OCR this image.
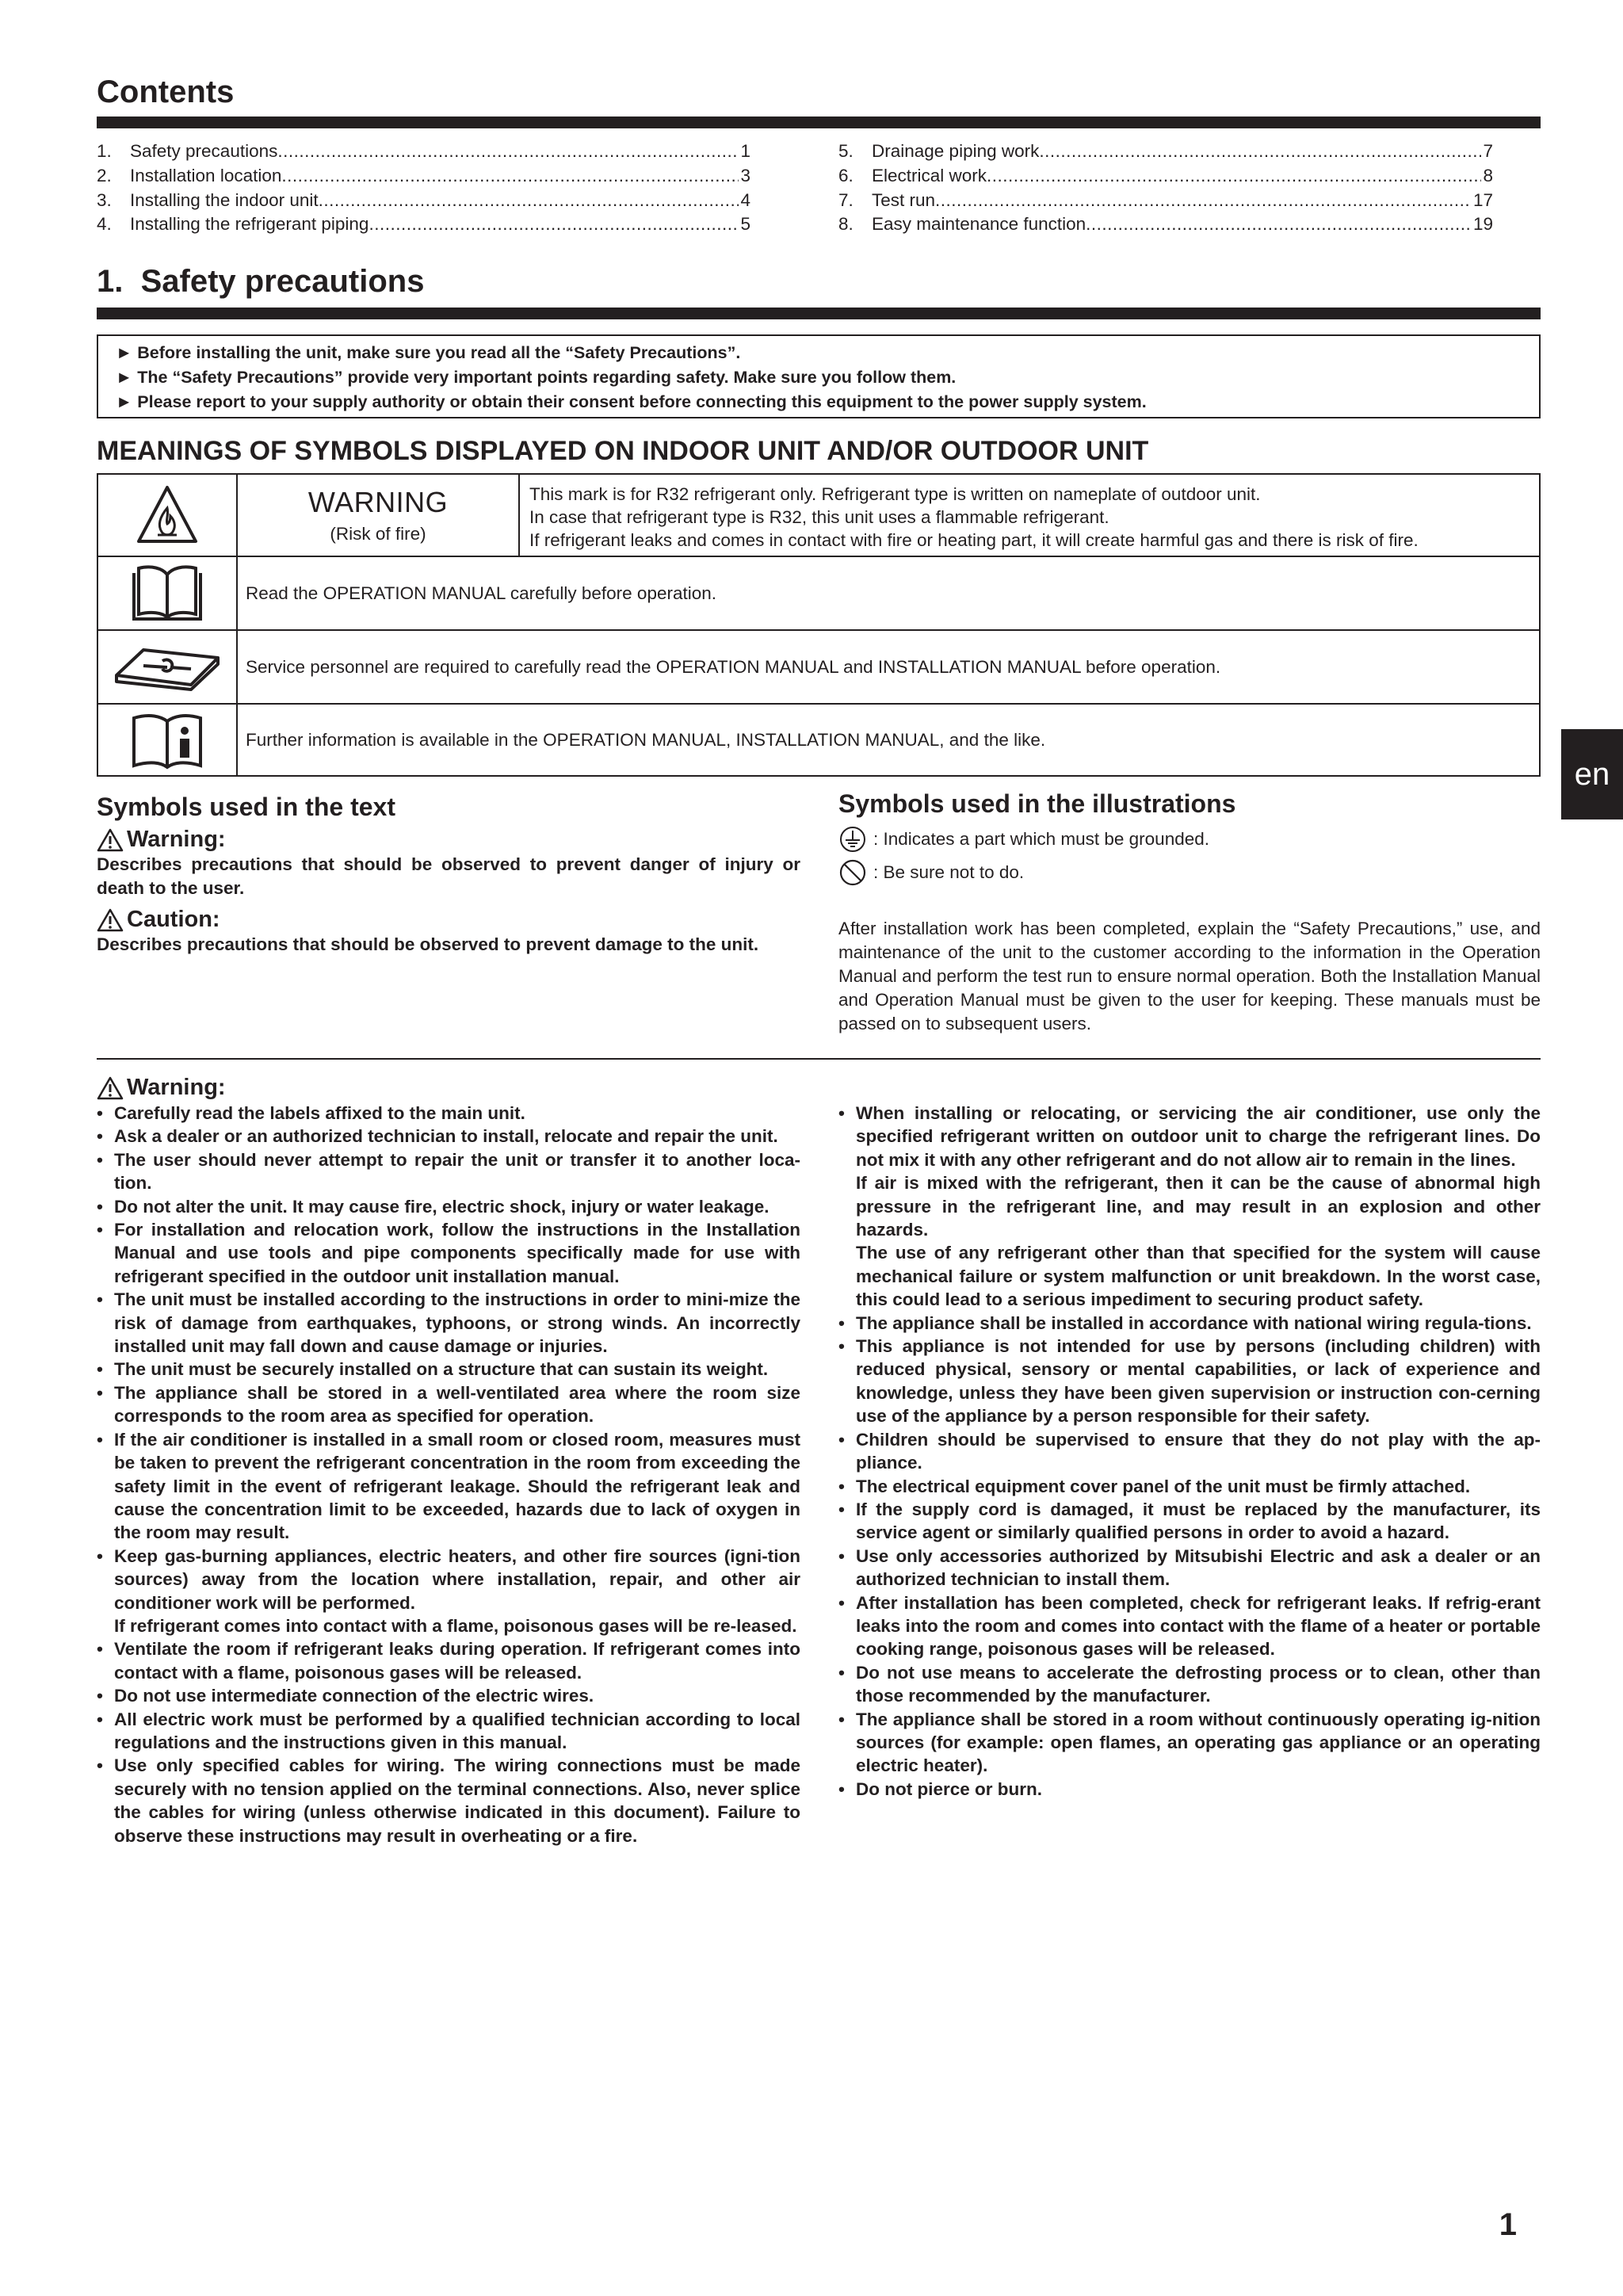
Contents
1.	Safety precautions .....	1
2.	Installation location .....	3
3.	Installing the indoor unit .....	4
4.	Installing the refrigerant piping .....	5
5.	Drainage piping work .....	7
6.	Electrical work .....	8
7.	Test run .....	17
8.	Easy maintenance function .....	19
1.  Safety precautions
► Before installing the unit, make sure you read all the “Safety Precautions”.
► The “Safety Precautions” provide very important points regarding safety. Make sure you follow them.
► Please report to your supply authority or obtain their consent before connecting this equipment to the power supply system.
MEANINGS OF SYMBOLS DISPLAYED ON INDOOR UNIT AND/OR OUTDOOR UNIT
WARNING
(Risk of fire)
This mark is for R32 refrigerant only. Refrigerant type is written on nameplate of outdoor unit.
In case that refrigerant type is R32, this unit uses a flammable refrigerant.
If refrigerant leaks and comes in contact with fire or heating part, it will create harmful gas and there is risk of fire.
Read the OPERATION MANUAL carefully before operation.
Service personnel are required to carefully read the OPERATION MANUAL and INSTALLATION MANUAL before operation.
Further information is available in the OPERATION MANUAL, INSTALLATION MANUAL, and the like.
en
Symbols used in the text
Warning:
Describes precautions that should be observed to prevent danger of injury or death to the user.
Caution:
Describes precautions that should be observed to prevent damage to the unit.
Symbols used in the illustrations
: Indicates a part which must be grounded.
: Be sure not to do.
After installation work has been completed, explain the “Safety Precautions,” use, and maintenance of the unit to the customer according to the information in the Operation Manual and perform the test run to ensure normal operation. Both the Installation Manual and Operation Manual must be given to the user for keeping. These manuals must be passed on to subsequent users.
Warning:
• Carefully read the labels affixed to the main unit.
• Ask a dealer or an authorized technician to install, relocate and repair the unit.
• The user should never attempt to repair the unit or transfer it to another loca-tion.
• Do not alter the unit. It may cause fire, electric shock, injury or water leakage.
• For installation and relocation work, follow the instructions in the Installation Manual and use tools and pipe components specifically made for use with refrigerant specified in the outdoor unit installation manual.
• The unit must be installed according to the instructions in order to mini-mize the risk of damage from earthquakes, typhoons, or strong winds. An incorrectly installed unit may fall down and cause damage or injuries.
• The unit must be securely installed on a structure that can sustain its weight.
• The appliance shall be stored in a well-ventilated area where the room size corresponds to the room area as specified for operation.
• If the air conditioner is installed in a small room or closed room, measures must be taken to prevent the refrigerant concentration in the room from exceeding the safety limit in the event of refrigerant leakage. Should the refrigerant leak and cause the concentration limit to be exceeded, hazards due to lack of oxygen in the room may result.
• Keep gas-burning appliances, electric heaters, and other fire sources (igni-tion sources) away from the location where installation, repair, and other air conditioner work will be performed.
If refrigerant comes into contact with a flame, poisonous gases will be re-leased.
• Ventilate the room if refrigerant leaks during operation. If refrigerant comes into contact with a flame, poisonous gases will be released.
• Do not use intermediate connection of the electric wires.
• All electric work must be performed by a qualified technician according to local regulations and the instructions given in this manual.
• Use only specified cables for wiring. The wiring connections must be made securely with no tension applied on the terminal connections. Also, never splice the cables for wiring (unless otherwise indicated in this document). Failure to observe these instructions may result in overheating or a fire.
• When installing or relocating, or servicing the air conditioner, use only the specified refrigerant written on outdoor unit to charge the refrigerant lines. Do not mix it with any other refrigerant and do not allow air to remain in the lines.
If air is mixed with the refrigerant, then it can be the cause of abnormal high pressure in the refrigerant line, and may result in an explosion and other hazards.
The use of any refrigerant other than that specified for the system will cause mechanical failure or system malfunction or unit breakdown. In the worst case, this could lead to a serious impediment to securing product safety.
• The appliance shall be installed in accordance with national wiring regula-tions.
• This appliance is not intended for use by persons (including children) with reduced physical, sensory or mental capabilities, or lack of experience and knowledge, unless they have been given supervision or instruction con-cerning use of the appliance by a person responsible for their safety.
• Children should be supervised to ensure that they do not play with the ap-pliance.
• The electrical equipment cover panel of the unit must be firmly attached.
• If the supply cord is damaged, it must be replaced by the manufacturer, its service agent or similarly qualified persons in order to avoid a hazard.
• Use only accessories authorized by Mitsubishi Electric and ask a dealer or an authorized technician to install them.
• After installation has been completed, check for refrigerant leaks. If refrig-erant leaks into the room and comes into contact with the flame of a heater or portable cooking range, poisonous gases will be released.
• Do not use means to accelerate the defrosting process or to clean, other than those recommended by the manufacturer.
• The appliance shall be stored in a room without continuously operating ig-nition sources (for example: open flames, an operating gas appliance or an operating electric heater).
• Do not pierce or burn.
1
